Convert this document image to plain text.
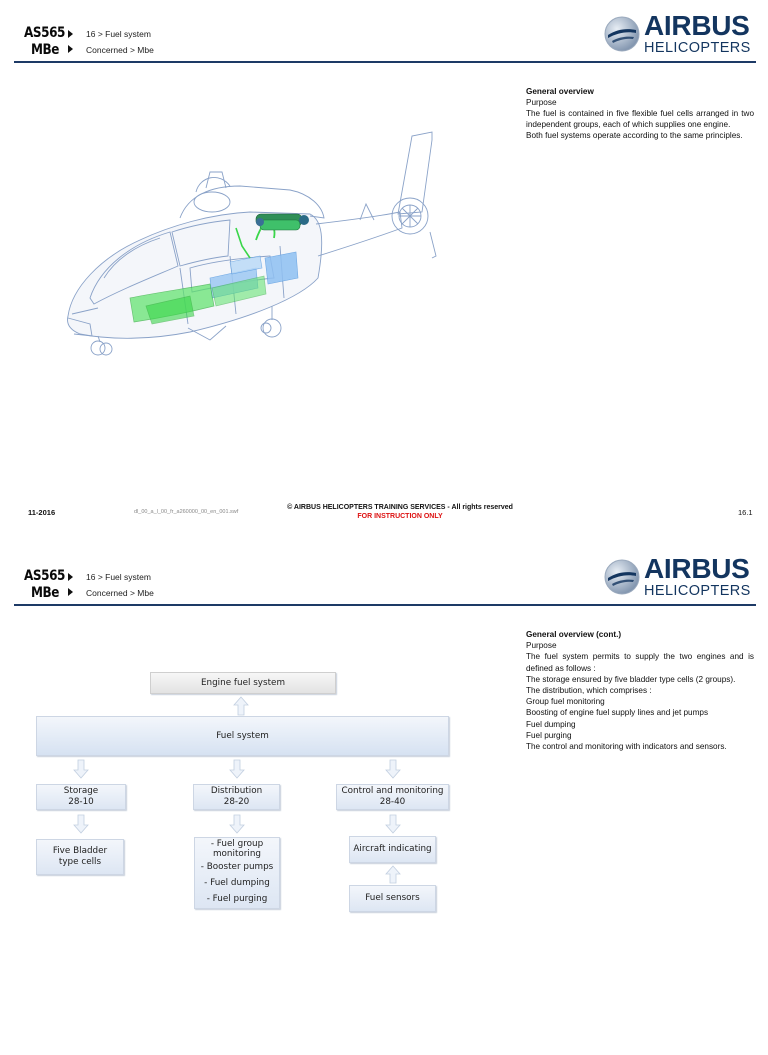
AS565
MBe
16 > Fuel system
Concerned > Mbe
AIRBUS
HELICOPTERS

General overview

Purpose

The fuel is contained in five flexible fuel cells arranged in two independent groups, each of which supplies one engine.

Both fuel systems operate according to the same principles.

11-2016	dl_00_a_l_00_fr_a260000_00_en_001.swf
© AIRBUS HELICOPTERS TRAINING SERVICES - All rights reserved
FOR INSTRUCTION ONLY	16.1
AS565
MBe
16 > Fuel system
Concerned > Mbe
AIRBUS
HELICOPTERS

General overview (cont.)

Purpose

The fuel system permits to supply the two engines and is defined as follows :

The storage ensured by five bladder type cells (2 groups).

The distribution, which comprises :

Group fuel monitoring

Boosting of engine fuel supply lines and jet pumps

Fuel dumping

Fuel purging

The control and monitoring with indicators and sensors.

Engine fuel system
Fuel system
Storage
28-10
Distribution
28-20
Control and monitoring
28-40
Five Bladder
type cells
- Fuel group
monitoring
- Booster pumps
- Fuel dumping
- Fuel purging
Aircraft indicating
Fuel sensors
